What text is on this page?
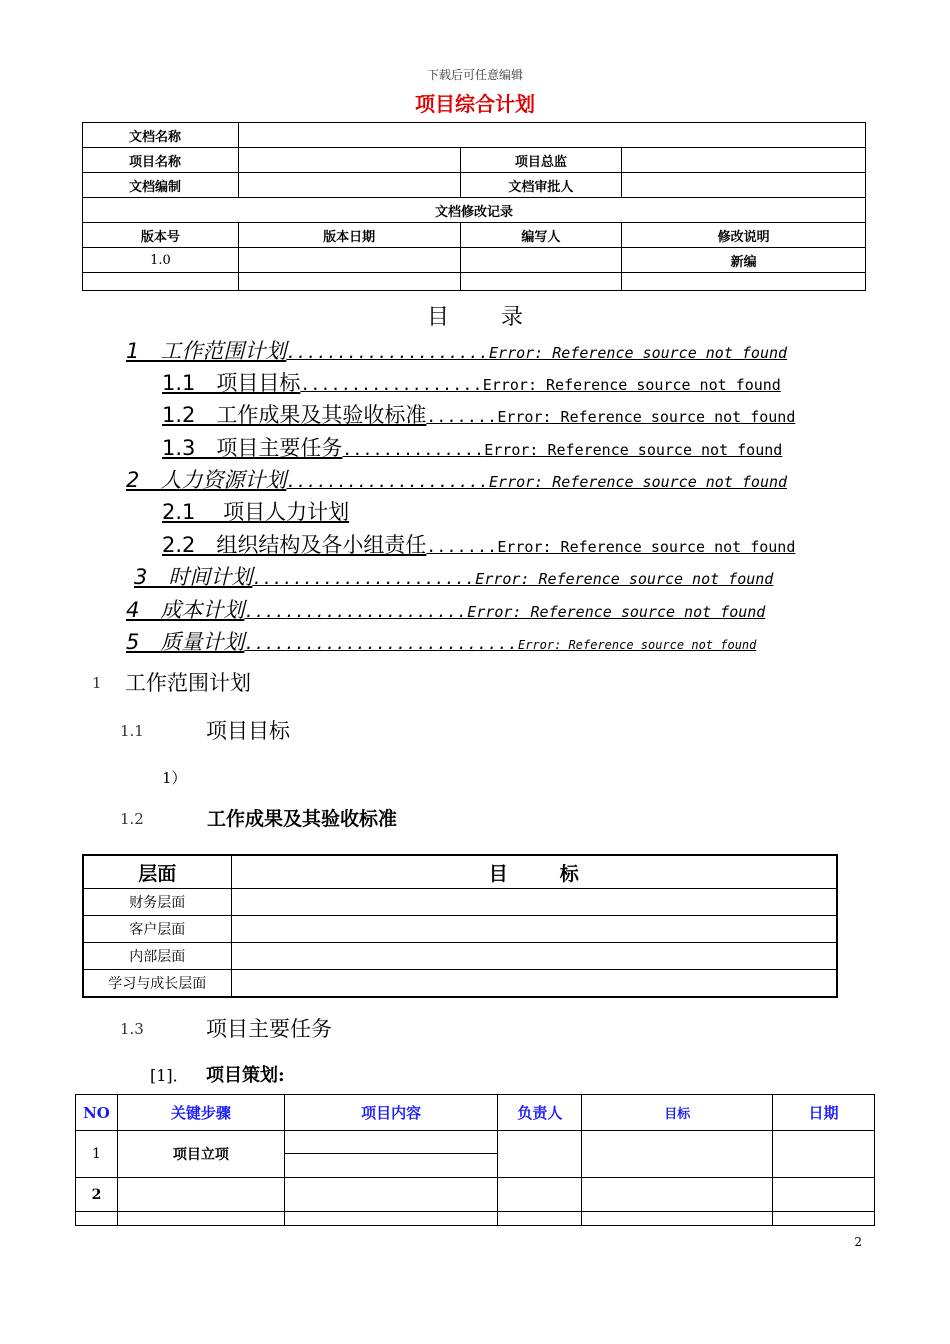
下载后可任意编辑
项目综合计划
文档名称			
项目名称		项目总监	
文档编制		文档审批人	
文档修改记录			
版本号	版本日期	编写人	修改说明
1.0			新编

目 录
1　工作范围计划 .................... Error: Reference source not found
1.1　项目目标 .................. Error: Reference source not found
1.2　工作成果及其验收标准 ....... Error: Reference source not found
1.3　项目主要任务 .............. Error: Reference source not found
2　人力资源计划 .................... Error: Reference source not found
2.1　 项目人力计划
2.2　组织结构及各小组责任 ....... Error: Reference source not found
3　时间计划 ...................... Error: Reference source not found
4　成本计划 ...................... Error: Reference source not found
5　质量计划 ........................... Error: Reference source not found
1 工作范围计划
1.1	项目目标
1）
1.2	工作成果及其验收标准
层面	目 标
财务层面	
客户层面	
内部层面	
学习与成长层面	
1.3	项目主要任务
[1]． 项目策划:
NO	关键步骤	项目内容	负责人	目标	日期
1	项目立项				

2					

2
